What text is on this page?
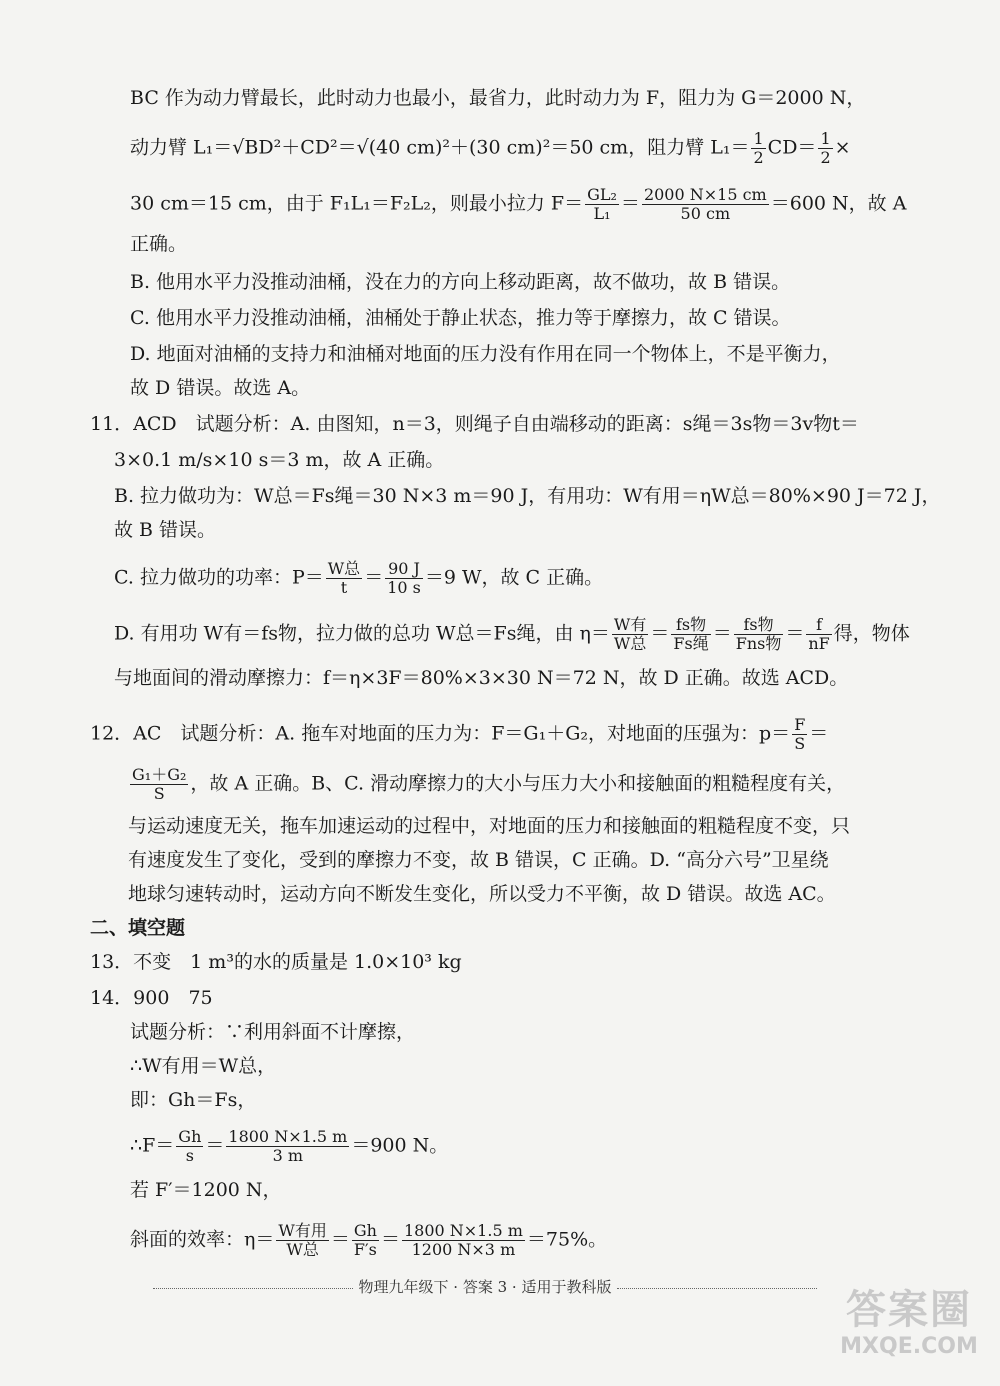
BC 作为动力臂最长，此时动力也最小，最省力，此时动力为 F，阻力为 G＝2000 N，
动力臂 L₁＝√BD²＋CD²＝√(40 cm)²＋(30 cm)²＝50 cm，阻力臂 $L_1= \frac{1}{2} CD= \frac{1}{2}$ ×
30 cm＝15 cm，由于 F₁L₁＝F₂L₂，则最小拉力 $F= \frac{\text{GL₂}}{\text{L₁}} = \frac{2000 N\times 15 cm}{50 cm} =600$ N，故 A
正确。
B. 他用水平力没推动油桶，没在力的方向上移动距离，故不做功，故 B 错误。
C. 他用水平力没推动油桶，油桶处于静止状态，推力等于摩擦力，故 C 错误。
D. 地面对油桶的支持力和油桶对地面的压力没有作用在同一个物体上，不是平衡力，
故 D 错误。故选 A。
11．ACD　试题分析：A. 由图知，n＝3，则绳子自由端移动的距离：s绳＝3s物＝3v物t＝
3×0.1 m/s×10 s＝3 m，故 A 正确。
B. 拉力做功为：W总＝Fs绳＝30 N×3 m＝90 J，有用功：W有用＝ηW总＝80%×90 J＝72 J，
故 B 错误。
C. 拉力做功的功率：$P= \frac{\text{W总}}{t} = \frac{90 J}{10 s} =9$ W，故 C 正确。
D. 有用功 W有＝fs物，拉力做的总功 W总＝Fs绳，由 $\eta= \frac{\text{W有}}{\text{W总}} = \frac{\text{fs物}}{\text{Fs绳}} = \frac{\text{fs物}}{\text{Fns物}} = \frac{f}{nF}$ 得，物体
与地面间的滑动摩擦力：f＝η×3F＝80%×3×30 N＝72 N，故 D 正确。故选 ACD。
12．AC　试题分析：A. 拖车对地面的压力为：F＝G₁＋G₂，对地面的压强为：$p= \frac{F}{S}$ ＝
$\frac{\text{G₁＋G₂}}{S}$ ，故 A 正确。B、C. 滑动摩擦力的大小与压力大小和接触面的粗糙程度有关，
与运动速度无关，拖车加速运动的过程中，对地面的压力和接触面的粗糙程度不变，只
有速度发生了变化，受到的摩擦力不变，故 B 错误，C 正确。D. “高分六号”卫星绕
地球匀速转动时，运动方向不断发生变化，所以受力不平衡，故 D 错误。故选 AC。
二、填空题
13．不变　1 m³的水的质量是 1.0×10³ kg
14．900　75
试题分析：∵利用斜面不计摩擦，
∴W有用＝W总，
即：Gh＝Fs，
∴F＝ $\frac{Gh}{s} = \frac{1800 N\times 1.5 m}{3 m} =900$ N。
若 F′＝1200 N，
斜面的效率：$\eta= \frac{\text{W有用}}{\text{W总}} = \frac{Gh}{F's} = \frac{1800 N\times 1.5 m}{1200 N\times 3 m} =75\%$。
物理九年级下 · 答案 3 · 适用于教科版	答案圈
MXQE.COM
